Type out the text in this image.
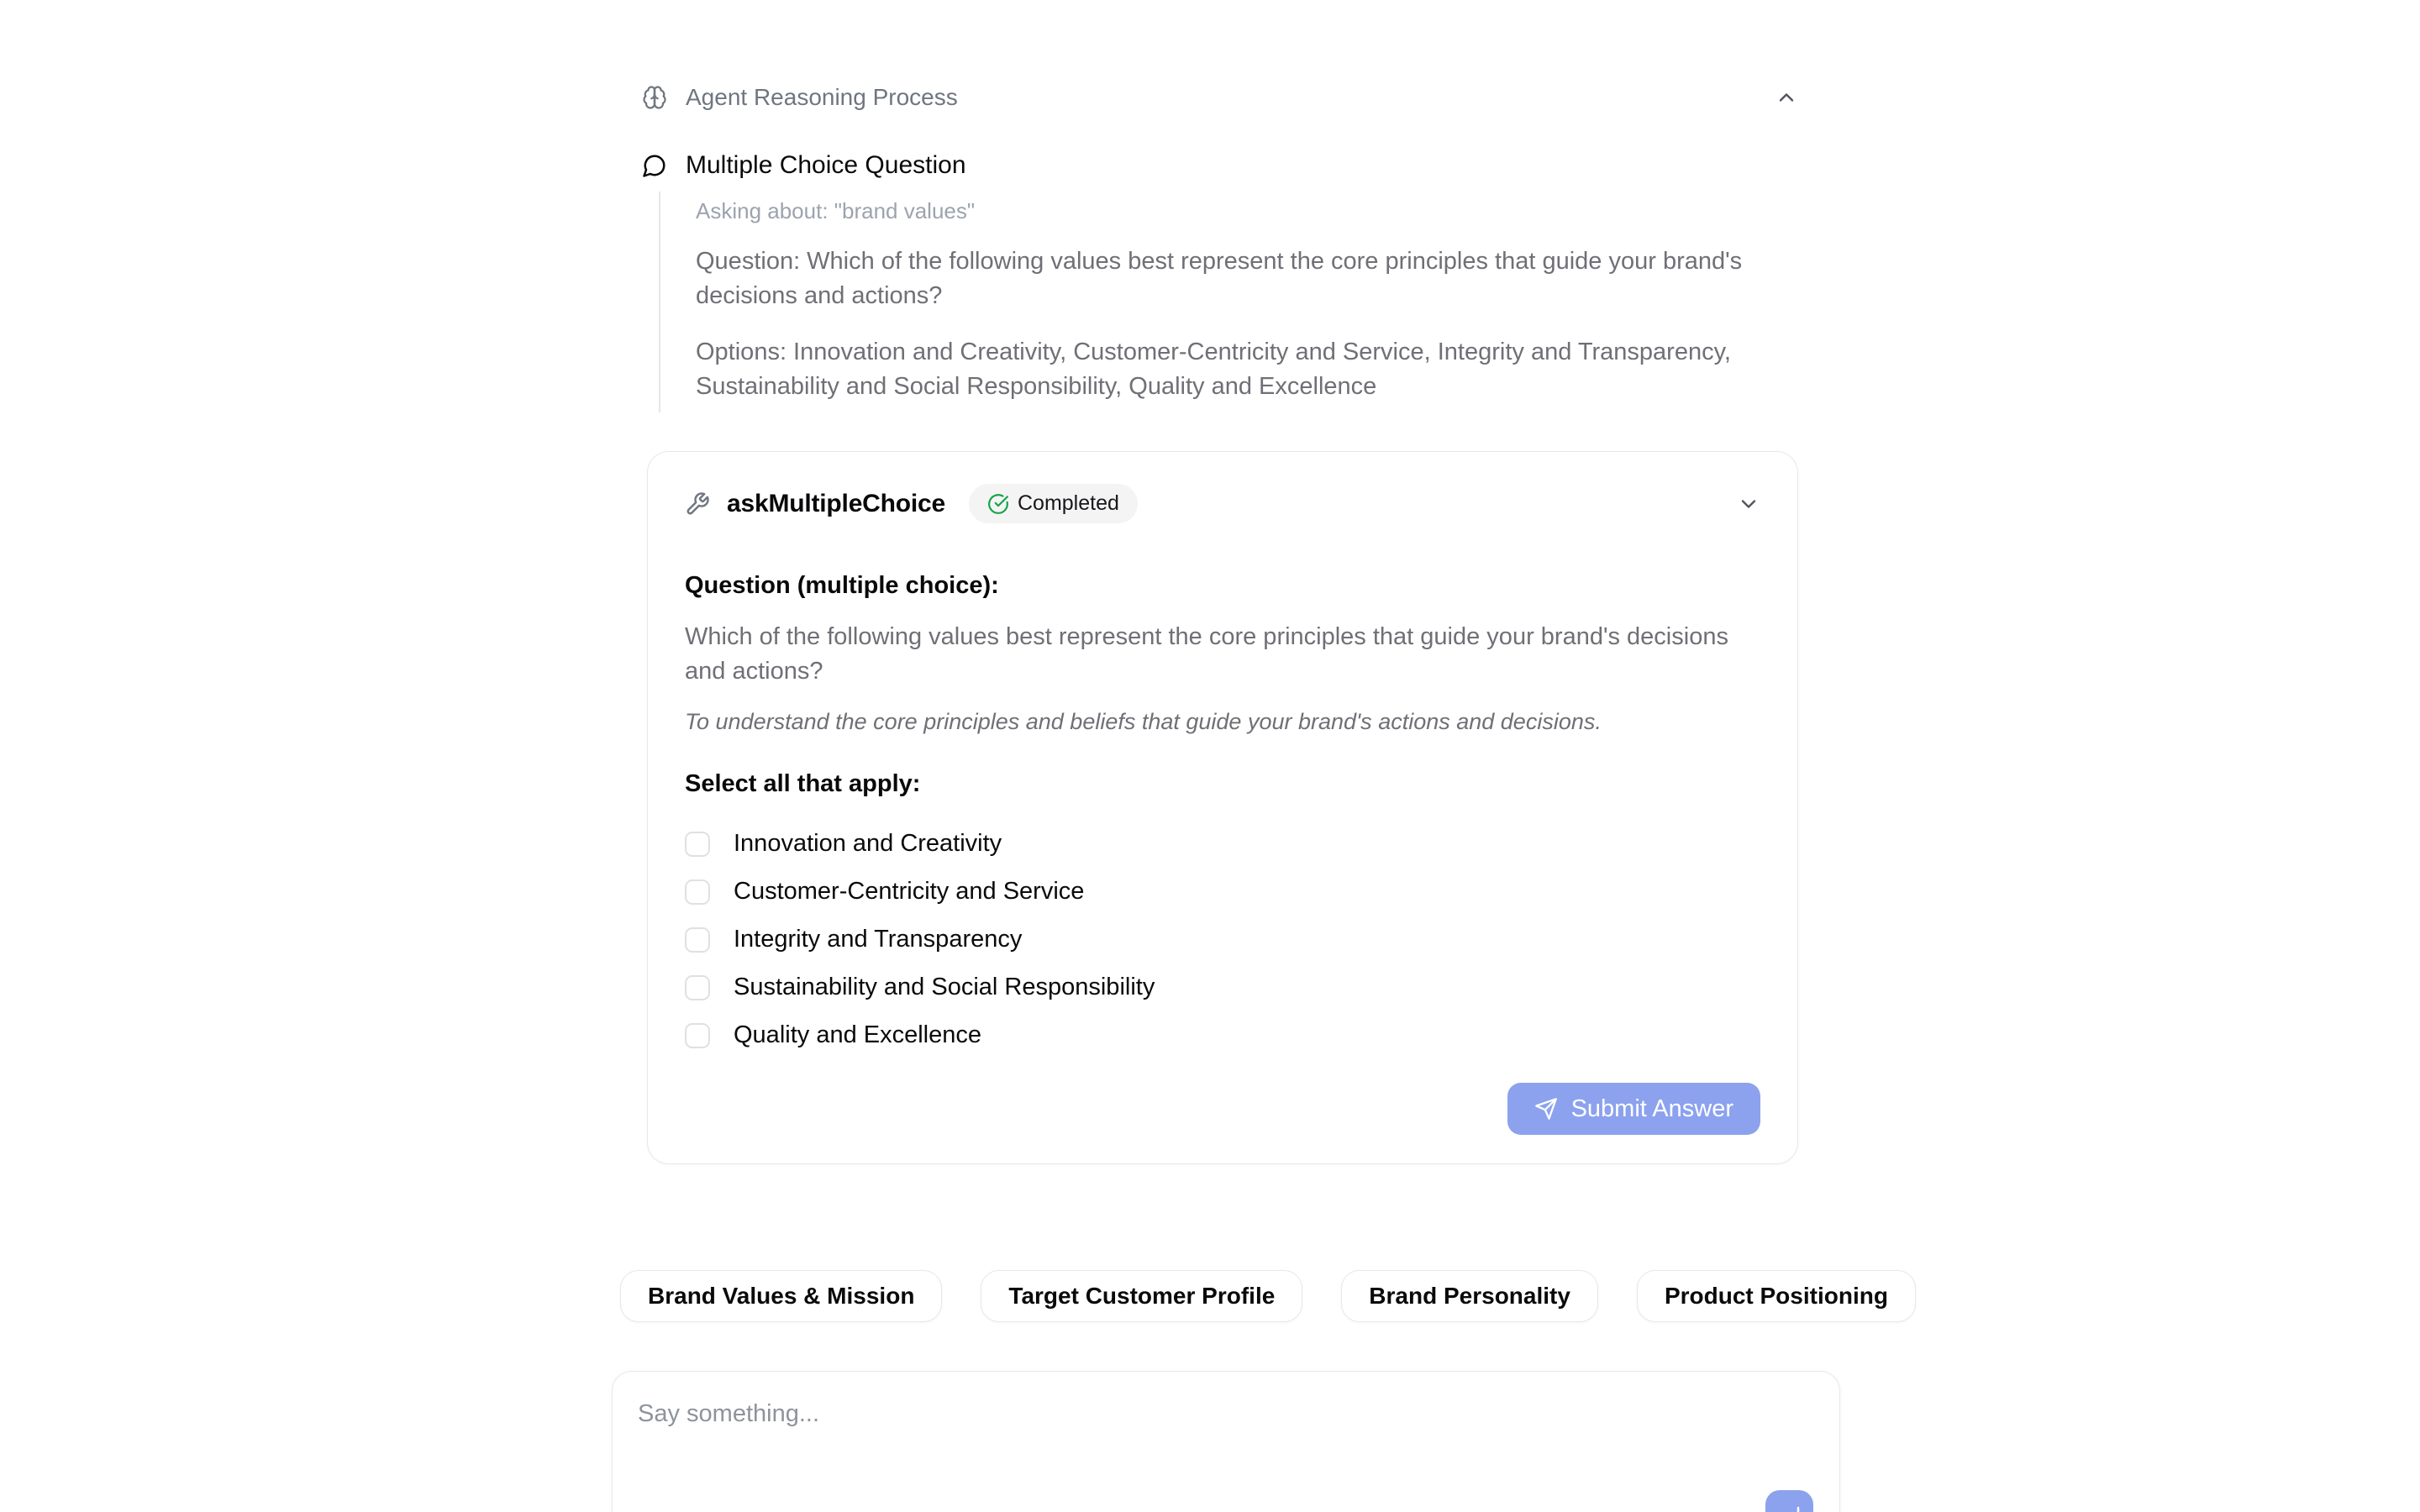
Agent Reasoning Process
Multiple Choice Question
Asking about: "brand values"

Question: Which of the following values best represent the core principles that guide your brand's decisions and actions?

Options: Innovation and Creativity, Customer-Centricity and Service, Integrity and Transparency, Sustainability and Social Responsibility, Quality and Excellence

askMultipleChoice	Completed
Question (multiple choice):

Which of the following values best represent the core principles that guide your brand's decisions and actions?

To understand the core principles and beliefs that guide your brand's actions and decisions.

Select all that apply:
Innovation and Creativity
Customer-Centricity and Service
Integrity and Transparency
Sustainability and Social Responsibility
Quality and Excellence
Submit Answer
Brand Values & Mission	Target Customer Profile	Brand Personality	Product Positioning
Say something...
